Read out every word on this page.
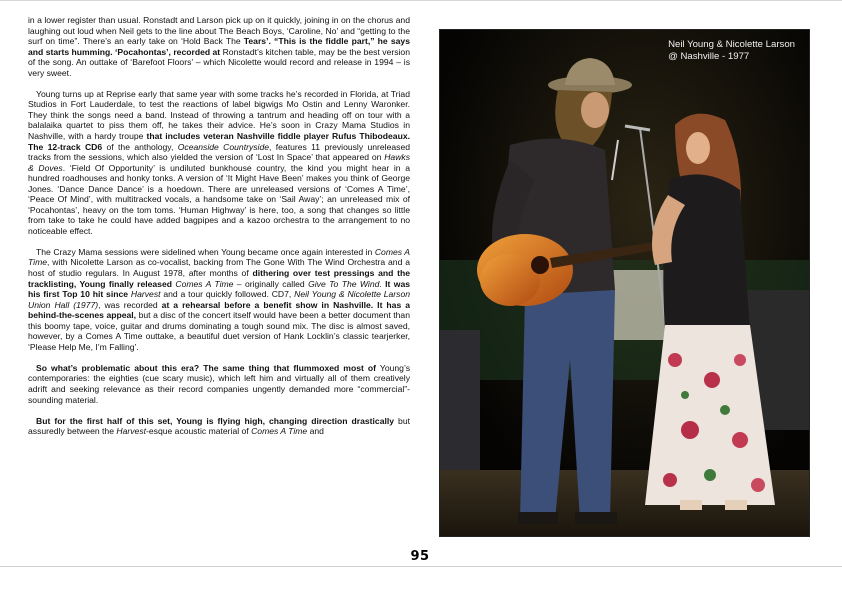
in a lower register than usual. Ronstadt and Larson pick up on it quickly, joining in on the chorus and laughing out loud when Neil gets to the line about The Beach Boys, ‘Caroline, No’ and “getting to the surf on time”. There’s an early take on ‘Hold Back The Tears’. “This is the fiddle part,” he says and starts humming. ‘Pocahontas’, recorded at Ronstadt’s kitchen table, may be the best version of the song. An outtake of ‘Barefoot Floors’ – which Nicolette would record and release in 1994 – is very sweet.

Young turns up at Reprise early that same year with some tracks he’s recorded in Florida, at Triad Studios in Fort Lauderdale, to test the reactions of label bigwigs Mo Ostin and Lenny Waronker. They think the songs need a band. Instead of throwing a tantrum and heading off on tour with a balalaika quartet to piss them off, he takes their advice. He’s soon in Crazy Mama Studios in Nashville, with a hardy troupe that includes veteran Nashville fiddle player Rufus Thibodeaux. The 12-track CD6 of the anthology, Oceanside Countryside, features 11 previously unreleased tracks from the sessions, which also yielded the version of ‘Lost In Space’ that appeared on Hawks & Doves. ‘Field Of Opportunity’ is undiluted bunkhouse country, the kind you might hear in a hundred roadhouses and honky tonks. A version of ‘It Might Have Been’ makes you think of George Jones. ‘Dance Dance Dance’ is a hoedown. There are unreleased versions of ‘Comes A Time’, ‘Peace Of Mind’, with multitracked vocals, a handsome take on ‘Sail Away’; an unreleased mix of ‘Pocahontas’, heavy on the tom toms. ‘Human Highway’ is here, too, a song that changes so little from take to take he could have added bagpipes and a kazoo orchestra to the arrangement to no noticeable effect.

The Crazy Mama sessions were sidelined when Young became once again interested in Comes A Time, with Nicolette Larson as co-vocalist, backing from The Gone With The Wind Orchestra and a host of studio regulars. In August 1978, after months of dithering over test pressings and the tracklisting, Young finally released Comes A Time – originally called Give To The Wind. It was his first Top 10 hit since Harvest and a tour quickly followed. CD7, Neil Young & Nicolette Larson Union Hall (1977), was recorded at a rehearsal before a benefit show in Nashville. It has a behind-the-scenes appeal, but a disc of the concert itself would have been a better document than this boomy tape, voice, guitar and drums dominating a tough sound mix. The disc is almost saved, however, by a Comes A Time outtake, a beautiful duet version of Hank Locklin’s classic tearjerker, ‘Please Help Me, I’m Falling’.

So what’s problematic about this era? The same thing that flummoxed most of Young’s contemporaries: the eighties (cue scary music), which left him and virtually all of them creatively adrift and seeking relevance as their record companies ungently demanded more “commercial”-sounding material.

But for the first half of this set, Young is flying high, changing direction drastically but assuredly between the Harvest-esque acoustic material of Comes A Time and

Neil Young & Nicolette Larson
@ Nashville - 1977
95
